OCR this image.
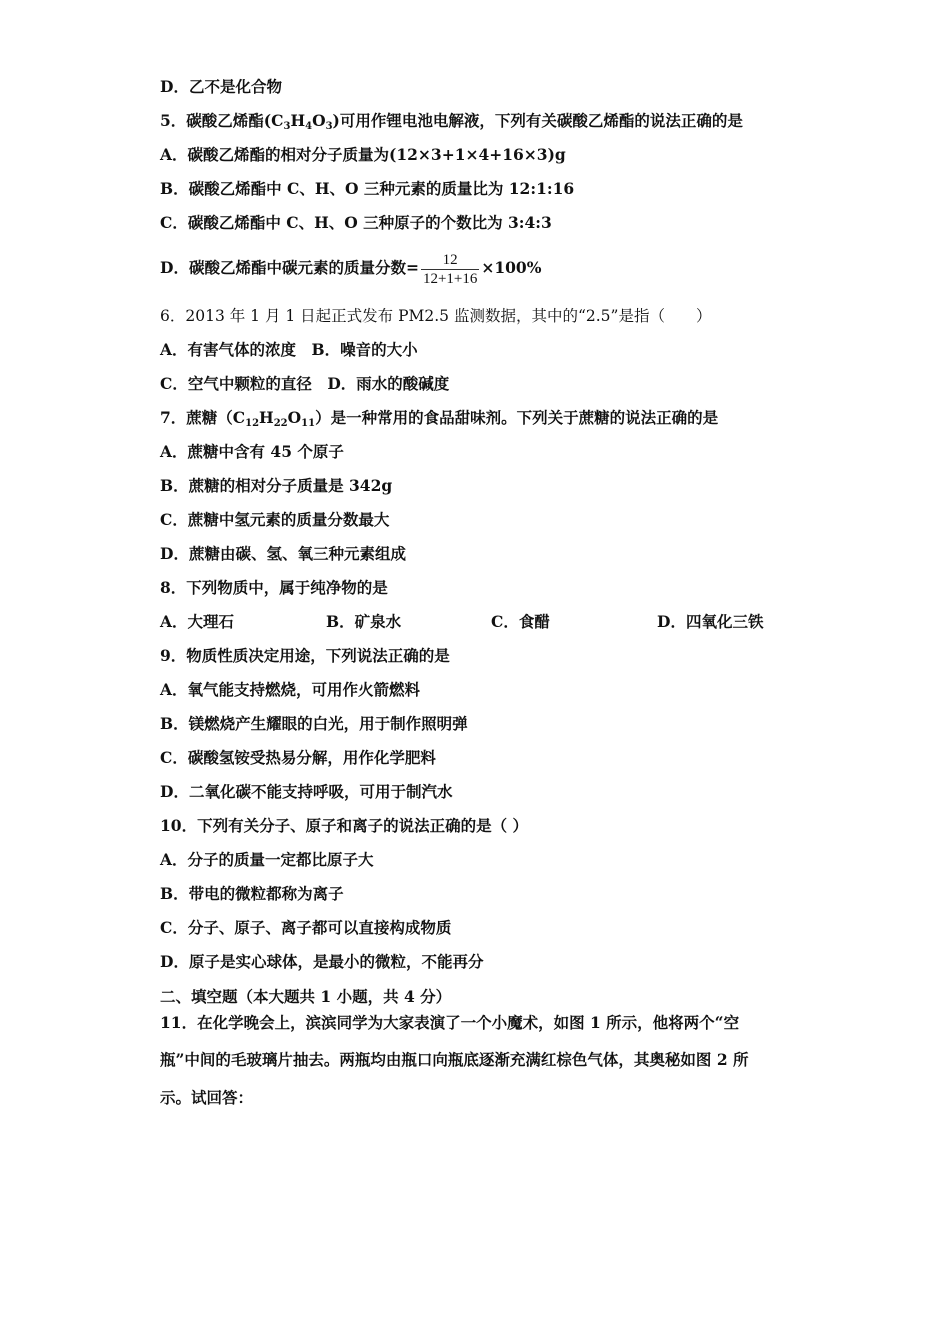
D．乙不是化合物
5．碳酸乙烯酯$(C_3H_4O_3)$可用作锂电池电解液，下列有关碳酸乙烯酯的说法正确的是
A．碳酸乙烯酯的相对分子质量为(12×3+1×4+16×3)g
B．碳酸乙烯酯中 C、H、O 三种元素的质量比为 12:1:16
C．碳酸乙烯酯中 C、H、O 三种原子的个数比为 3:4:3
D．碳酸乙烯酯中碳元素的质量分数= $\frac{12}{12+1+16} \times 100\%$
6．2013 年 1 月 1 日起正式发布 PM2.5 监测数据，其中的“2.5”是指（　　）
A．有害气体的浓度　B．噪音的大小
C．空气中颗粒的直径　D．雨水的酸碱度
7．蔗糖$(C_{12}H_{22}O_{11})$是一种常用的食品甜味剂。下列关于蔗糖的说法正确的是
A．蔗糖中含有 45 个原子
B．蔗糖的相对分子质量是 342g
C．蔗糖中氢元素的质量分数最大
D．蔗糖由碳、氢、氧三种元素组成
8．下列物质中，属于纯净物的是
A．大理石	B．矿泉水	C．食醋	D．四氧化三铁
9．物质性质决定用途，下列说法正确的是
A．氧气能支持燃烧，可用作火箭燃料
B．镁燃烧产生耀眼的白光，用于制作照明弹
C．碳酸氢铵受热易分解，用作化学肥料
D．二氧化碳不能支持呼吸，可用于制汽水
10．下列有关分子、原子和离子的说法正确的是（ ）
A．分子的质量一定都比原子大
B．带电的微粒都称为离子
C．分子、原子、离子都可以直接构成物质
D．原子是实心球体，是最小的微粒，不能再分
二、填空题（本大题共 1 小题，共 4 分）
11．在化学晚会上，滨滨同学为大家表演了一个小魔术，如图 1 所示，他将两个“空
瓶”中间的毛玻璃片抽去。两瓶均由瓶口向瓶底逐渐充满红棕色气体，其奥秘如图 2 所
示。试回答：
